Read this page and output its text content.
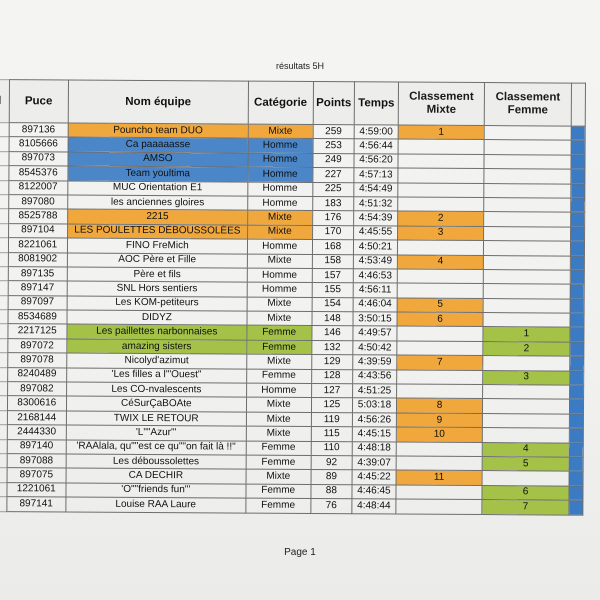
résultats 5H
	Puce	Nom équipe	Catégorie	Points	Temps	Classement Mixte	Classement Femme	
	897136	Pouncho team DUO	Mixte	259	4:59:00	1		
	8105666	Ca paaaaasse	Homme	253	4:56:44			
	897073	AMSO	Homme	249	4:56:20			
	8545376	Team youltima	Homme	227	4:57:13			
	8122007	MUC Orientation E1	Homme	225	4:54:49			
	897080	les anciennes gloires	Homme	183	4:51:32			
	8525788	2215	Mixte	176	4:54:39	2		
	897104	LES POULETTES DÉBOUSSOLÉES	Mixte	170	4:45:55	3		
	8221061	FINO FreMich	Homme	168	4:50:21			
	8081902	AOC Père et Fille	Mixte	158	4:53:49	4		
	897135	Père et fils	Homme	157	4:46:53			
	897147	SNL Hors sentiers	Homme	155	4:56:11			
	897097	Les KOM-petiteurs	Mixte	154	4:46:04	5		
	8534689	DIDYZ	Mixte	148	3:50:15	6		
	2217125	Les paillettes narbonnaises	Femme	146	4:49:57		1	
	897072	amazing sisters	Femme	132	4:50:42		2	
	897078	Nicolyd'azimut	Mixte	129	4:39:59	7		
	8240489	'Les filles a l'"Ouest"	Femme	128	4:43:56		3	
	897082	Les CO-nvalescents	Homme	127	4:51:25			
	8300616	CéSurÇaBOAte	Mixte	125	5:03:18	8		
	2168144	TWIX LE RETOUR	Mixte	119	4:56:26	9		
	2444330	'L""Azur"'	Mixte	115	4:45:15	10		
	897140	'RAAlala, qu""est ce qu""on fait là !!"	Femme	110	4:48:18		4	
	897088	Les déboussolettes	Femme	92	4:39:07		5	
	897075	CA DECHIR	Mixte	89	4:45:22	11		
	1221061	'O""friends fun"'	Femme	88	4:46:45		6	
	897141	Louise RAA Laure	Femme	76	4:48:44		7	
Page 1
